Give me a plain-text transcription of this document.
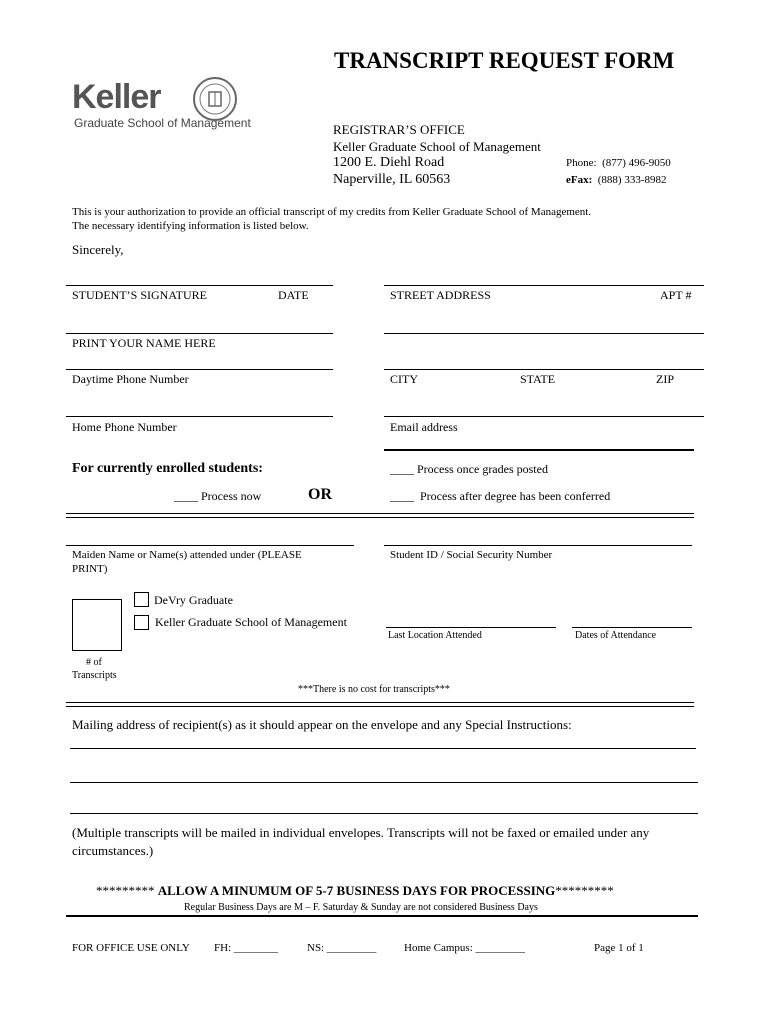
TRANSCRIPT REQUEST FORM
Keller
Graduate School of Management	REGISTRAR’S OFFICE
Keller Graduate School of Management
1200 E. Diehl Road
Naperville, IL 60563
Phone: (877) 496-9050
eFax: (888) 333-8982
This is your authorization to provide an official transcript of my credits from Keller Graduate School of Management.
The necessary identifying information is listed below.
Sincerely,
STUDENT’S SIGNATURE	DATE	STREET ADDRESS	APT #
PRINT YOUR NAME HERE
Daytime Phone Number	CITY	STATE	ZIP
Home Phone Number	Email address
For currently enrolled students:	____ Process once grades posted
____ Process now	OR	____ Process after degree has been conferred
Maiden Name or Name(s) attended under (PLEASE
PRINT)
Student ID / Social Security Number
DeVry Graduate
Keller Graduate School of Management
Last Location Attended	Dates of Attendance
# of
Transcripts
***There is no cost for transcripts***
Mailing address of recipient(s) as it should appear on the envelope and any Special Instructions:
(Multiple transcripts will be mailed in individual envelopes. Transcripts will not be faxed or emailed under any
circumstances.)
********* ALLOW A MINUMUM OF 5-7 BUSINESS DAYS FOR PROCESSING*********
Regular Business Days are M – F. Saturday & Sunday are not considered Business Days
FOR OFFICE USE ONLY FH: ________	NS: _________	Home Campus: _________	Page 1 of 1
